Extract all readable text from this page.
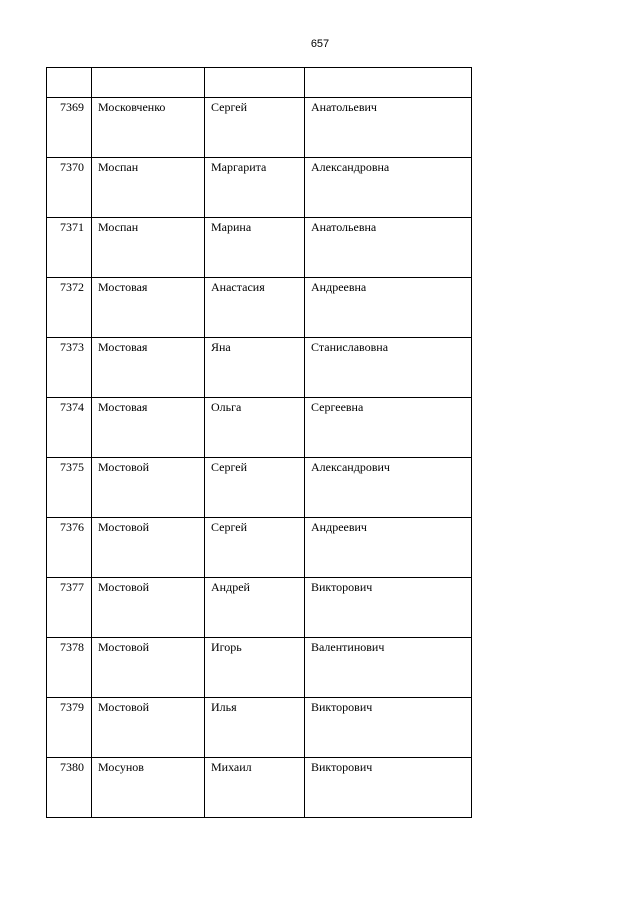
657

7369	Московченко	Сергей	Анатольевич

7370	Моспан	Маргарита	Александровна

7371	Моспан	Марина	Анатольевна

7372	Мостовая	Анастасия	Андреевна

7373	Мостовая	Яна	Станиславовна

7374	Мостовая	Ольга	Сергеевна

7375	Мостовой	Сергей	Александрович

7376	Мостовой	Сергей	Андреевич

7377	Мостовой	Андрей	Викторович

7378	Мостовой	Игорь	Валентинович

7379	Мостовой	Илья	Викторович

7380	Мосунов	Михаил	Викторович
